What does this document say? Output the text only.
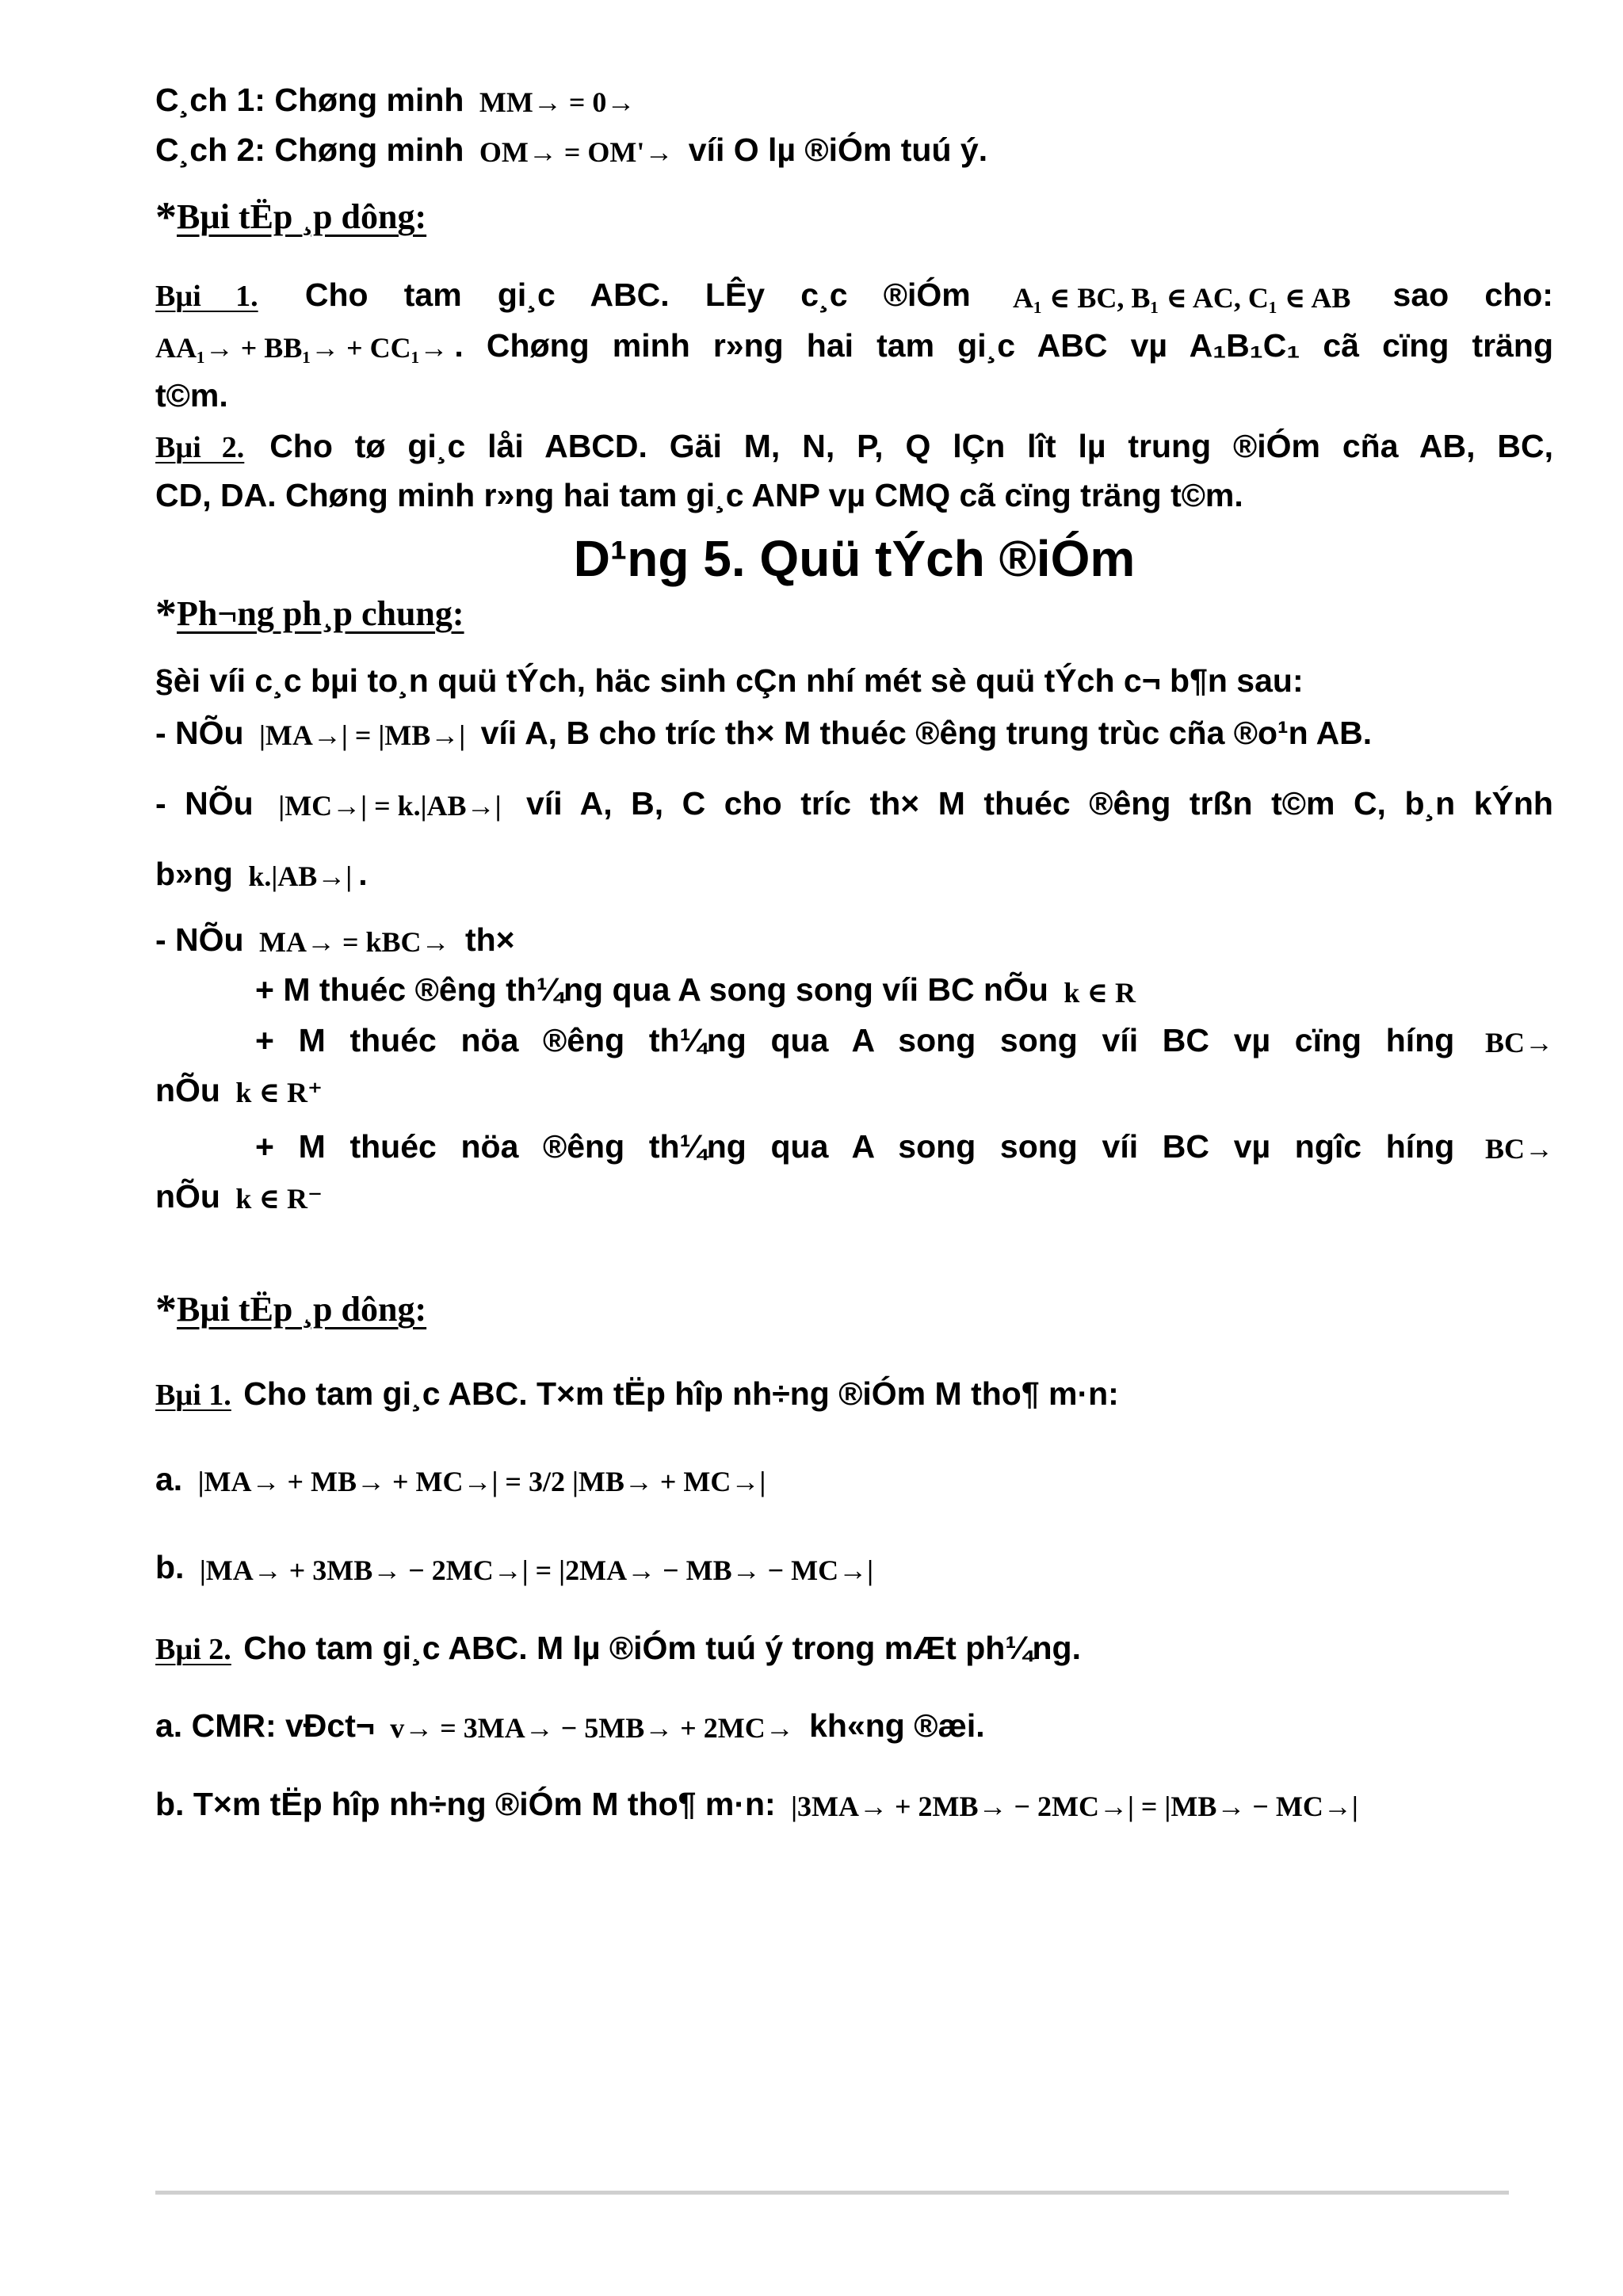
C¸ch 1: Chøng minh MM→ = 0→
C¸ch 2: Chøng minh OM→ = OM'→ víi O lµ ®iÓm tuú ý.
*Bµi tËp ¸p dông:
Bµi 1. Cho tam gi¸c ABC. LÊy c¸c ®iÓm A₁ ∈ BC, B₁ ∈ AC, C₁ ∈ AB sao cho:
AA₁→ + BB₁→ + CC₁→ . Chøng minh r»ng hai tam gi¸c ABC vµ A₁B₁C₁ cã cïng träng
t©m.
Bµi 2. Cho tø gi¸c låi ABCD. Gäi M, N, P, Q lÇn lît lµ trung ®iÓm cña AB, BC,
CD, DA. Chøng minh r»ng hai tam gi¸c ANP vµ CMQ cã cïng träng t©m.
D¹ng 5. Quü tÝch ®iÓm
*Ph¬ng ph¸p chung:
§èi víi c¸c bµi to¸n quü tÝch, häc sinh cÇn nhí mét sè quü tÝch c¬ b¶n sau:
- NÕu |MA→| = |MB→| víi A, B cho tríc th× M thuéc ®êng trung trùc cña ®o¹n AB.
- NÕu |MC→| = k.|AB→| víi A, B, C cho tríc th× M thuéc ®êng trßn t©m C, b¸n kÝnh
b»ng k.|AB→| .
- NÕu MA→ = kBC→ th×
+ M thuéc ®êng th¼ng qua A song song víi BC nÕu k ∈ R
+ M thuéc nöa ®êng th¼ng qua A song song víi BC vµ cïng híng BC→
nÕu k ∈ R⁺
+ M thuéc nöa ®êng th¼ng qua A song song víi BC vµ ngîc híng BC→
nÕu k ∈ R⁻
*Bµi tËp ¸p dông:
Bµi 1. Cho tam gi¸c ABC. T×m tËp hîp nh÷ng ®iÓm M tho¶ m·n:
a. |MA→ + MB→ + MC→| = 3/2 |MB→ + MC→|
b. |MA→ + 3MB→ − 2MC→| = |2MA→ − MB→ − MC→|
Bµi 2. Cho tam gi¸c ABC. M lµ ®iÓm tuú ý trong mÆt ph¼ng.
a. CMR: vÐct¬ v→ = 3MA→ − 5MB→ + 2MC→ kh«ng ®æi.
b. T×m tËp hîp nh÷ng ®iÓm M tho¶ m·n: |3MA→ + 2MB→ − 2MC→| = |MB→ − MC→|
